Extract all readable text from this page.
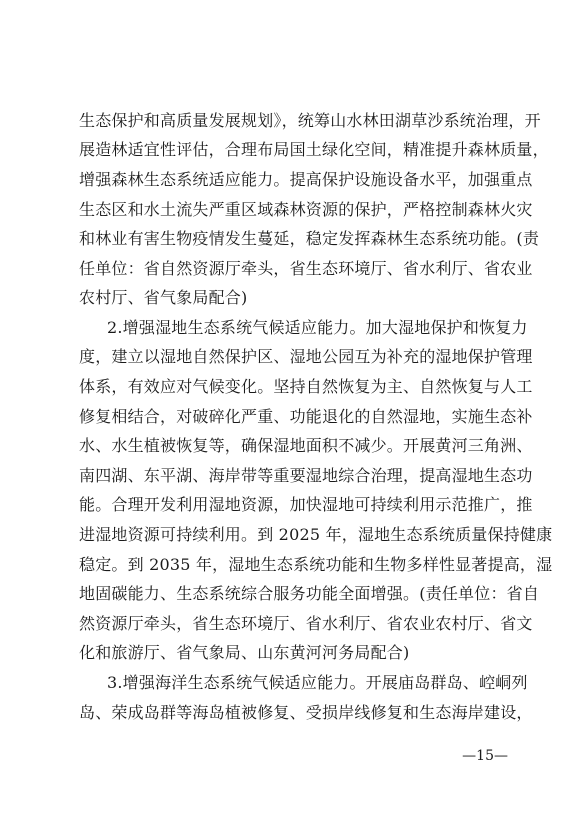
生态保护和高质量发展规划》，统筹山水林田湖草沙系统治理，开
展造林适宜性评估，合理布局国土绿化空间，精准提升森林质量，
增强森林生态系统适应能力。提高保护设施设备水平，加强重点
生态区和水土流失严重区域森林资源的保护，严格控制森林火灾
和林业有害生物疫情发生蔓延，稳定发挥森林生态系统功能。(责
任单位：省自然资源厅牵头，省生态环境厅、省水利厅、省农业
农村厅、省气象局配合)
2.增强湿地生态系统气候适应能力。加大湿地保护和恢复力
度，建立以湿地自然保护区、湿地公园互为补充的湿地保护管理
体系，有效应对气候变化。坚持自然恢复为主、自然恢复与人工
修复相结合，对破碎化严重、功能退化的自然湿地，实施生态补
水、水生植被恢复等，确保湿地面积不减少。开展黄河三角洲、
南四湖、东平湖、海岸带等重要湿地综合治理，提高湿地生态功
能。合理开发利用湿地资源，加快湿地可持续利用示范推广，推
进湿地资源可持续利用。到 2025 年，湿地生态系统质量保持健康
稳定。到 2035 年，湿地生态系统功能和生物多样性显著提高，湿
地固碳能力、生态系统综合服务功能全面增强。(责任单位：省自
然资源厅牵头，省生态环境厅、省水利厅、省农业农村厅、省文
化和旅游厅、省气象局、山东黄河河务局配合)
3.增强海洋生态系统气候适应能力。开展庙岛群岛、崆峒列
岛、荣成岛群等海岛植被修复、受损岸线修复和生态海岸建设，
—15—
